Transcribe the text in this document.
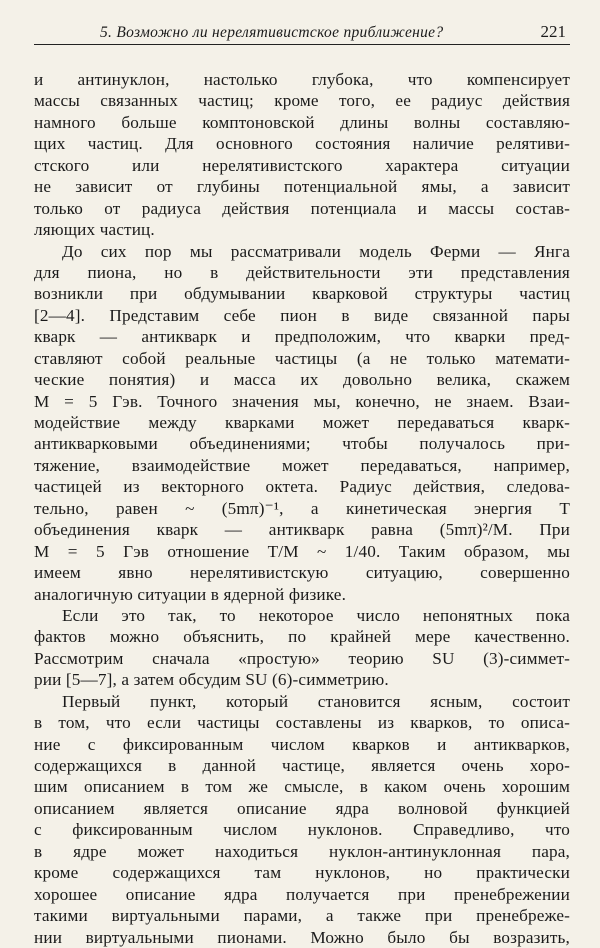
5. Возможно ли нерелятивистское приближение?	221
и антинуклон, настолько глубока, что компенсирует
массы связанных частиц; кроме того, ее радиус действия
намного больше комптоновской длины волны составляю-
щих частиц. Для основного состояния наличие релятиви-
стского или нерелятивистского характера ситуации
не зависит от глубины потенциальной ямы, а зависит
только от радиуса действия потенциала и массы состав-
ляющих частиц.
До сих пор мы рассматривали модель Ферми — Янга
для пиона, но в действительности эти представления
возникли при обдумывании кварковой структуры частиц
[2—4]. Представим себе пион в виде связанной пары
кварк — антикварк и предположим, что кварки пред-
ставляют собой реальные частицы (а не только математи-
ческие понятия) и масса их довольно велика, скажем
M = 5 Гэв. Точного значения мы, конечно, не знаем. Взаи-
модействие между кварками может передаваться кварк-
антикварковыми объединениями; чтобы получалось при-
тяжение, взаимодействие может передаваться, например,
частицей из векторного октета. Радиус действия, следова-
тельно, равен ~ (5mπ)⁻¹, а кинетическая энергия T
объединения кварк — антикварк равна (5mπ)²/M. При
M = 5 Гэв отношение T/M ~ 1/40. Таким образом, мы
имеем явно нерелятивистскую ситуацию, совершенно
аналогичную ситуации в ядерной физике.
Если это так, то некоторое число непонятных пока
фактов можно объяснить, по крайней мере качественно.
Рассмотрим сначала «простую» теорию SU (3)-симмет-
рии [5—7], а затем обсудим SU (6)-симметрию.
Первый пункт, который становится ясным, состоит
в том, что если частицы составлены из кварков, то описа-
ние с фиксированным числом кварков и антикварков,
содержащихся в данной частице, является очень хоро-
шим описанием в том же смысле, в каком очень хорошим
описанием является описание ядра волновой функцией
с фиксированным числом нуклонов. Справедливо, что
в ядре может находиться нуклон-антинуклонная пара,
кроме содержащихся там нуклонов, но практически
хорошее описание ядра получается при пренебрежении
такими виртуальными парами, а также при пренебреже-
нии виртуальными пионами. Можно было бы возразить,
